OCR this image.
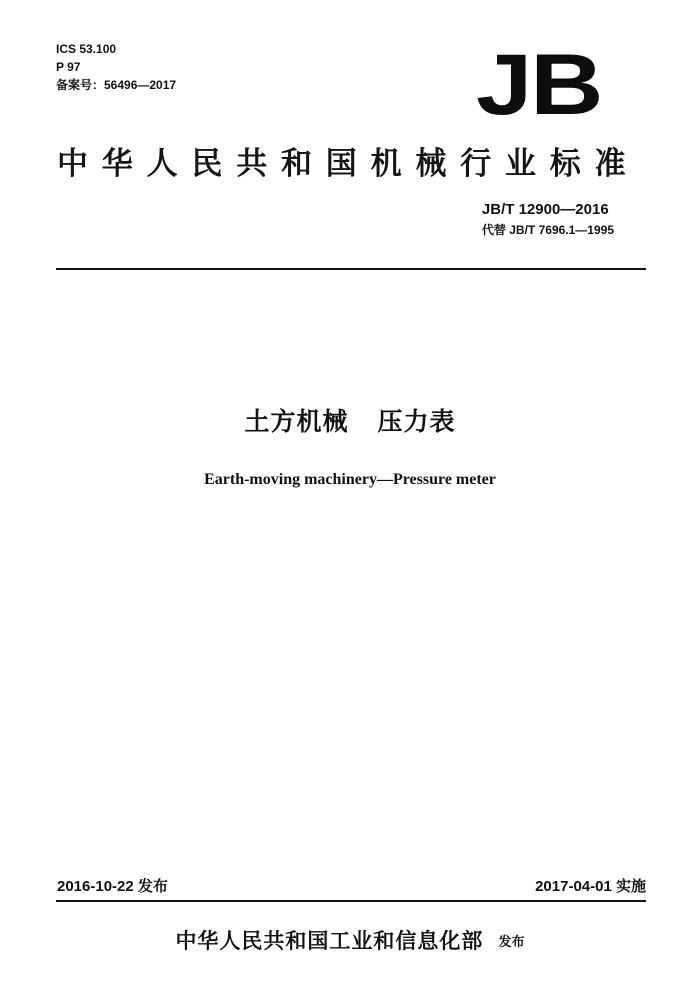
ICS 53.100
P 97
备案号：56496—2017	JB
中华人民共和国机械行业标准
JB/T 12900—2016
代替 JB/T 7696.1—1995
土方机械   压力表
Earth-moving machinery—Pressure meter
2016-10-22 发布	2017-04-01 实施
中华人民共和国工业和信息化部 发布
